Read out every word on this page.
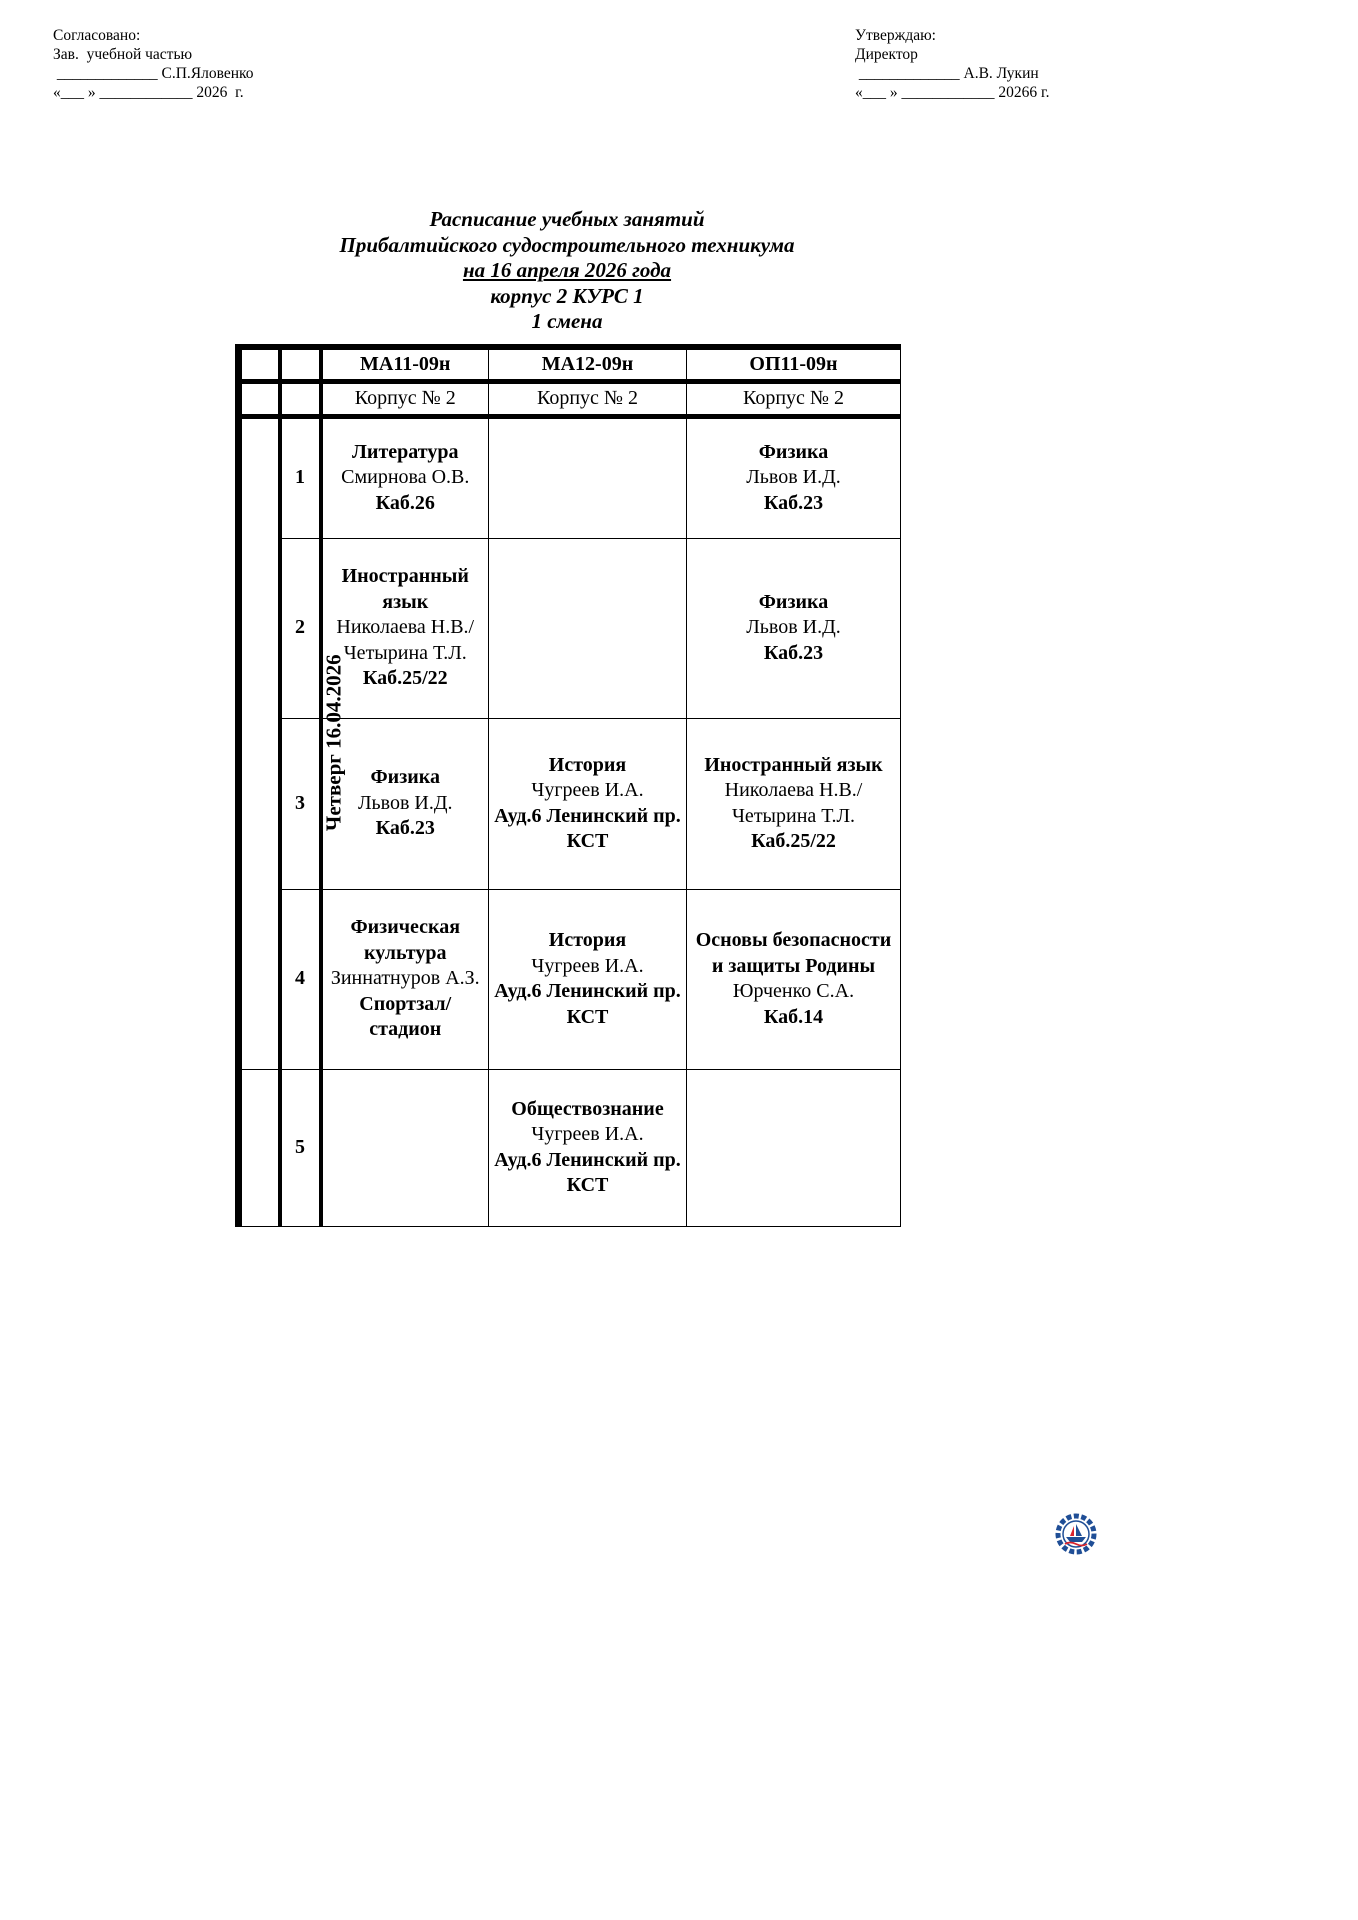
Согласовано:
Зав.  учебной частью
_____________ С.П.Яловенко
«___ » ____________ 2026  г.
Утверждаю:
Директор
_____________ А.В. Лукин
«___ » ____________ 20266 г.
Расписание учебных занятий
Прибалтийского судостроительного техникума
на 16 апреля 2026 года
корпус 2 КУРС 1
1 смена
		МА11-09н	МА12-09н	ОП11-09н
		Корпус № 2	Корпус № 2	Корпус № 2
Четверг 16.04.2026	1	Литература
Смирнова О.В.
Каб.26		Физика
Львов И.Д.
Каб.23

	2	Иностранный язык
Николаева Н.В./Четырина Т.Л.
Каб.25/22		Физика
Львов И.Д.
Каб.23

	3	Физика
Львов И.Д.
Каб.23	История
Чугреев И.А.
Ауд.6 Ленинский пр. КСТ	Иностранный язык
Николаева Н.В./Четырина Т.Л.
Каб.25/22

	4	Физическая культура
Зиннатнуров А.З.
Спортзал/стадион	История
Чугреев И.А.
Ауд.6 Ленинский пр. КСТ	Основы безопасности и защиты Родины
Юрченко С.А.
Каб.14

	5		Обществознание
Чугреев И.А.
Ауд.6 Ленинский пр. КСТ	
